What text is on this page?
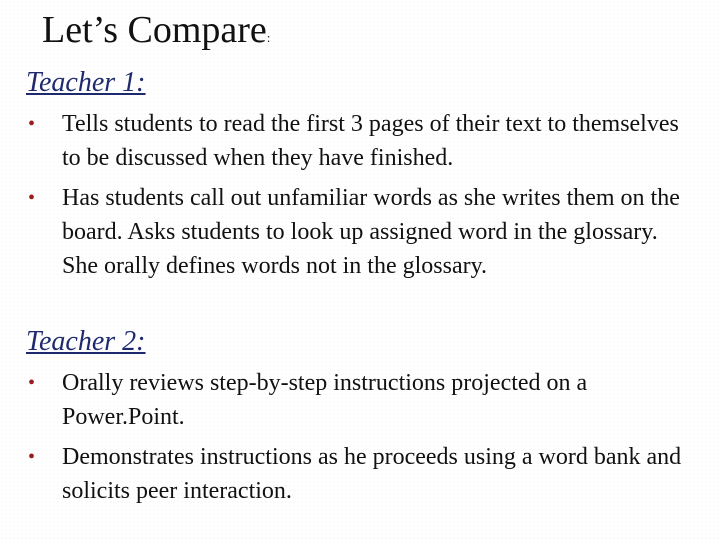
Let’s Compare:
Teacher 1:
• Tells students to read the first 3 pages of their text to themselves to be discussed when they have finished.
• Has students call out unfamiliar words as she writes them on the board. Asks students to look up assigned word in the glossary. She orally defines words not in the glossary.
Teacher 2:
• Orally reviews step-by-step instructions projected on a Power.Point.
• Demonstrates instructions as he proceeds using a word bank and solicits peer interaction.
